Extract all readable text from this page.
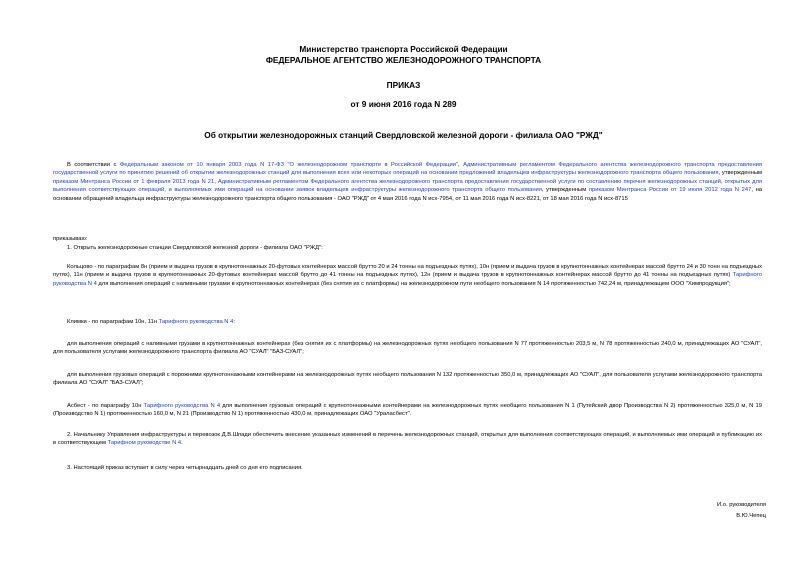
Министерство транспорта Российской Федерации
ФЕДЕРАЛЬНОЕ АГЕНТСТВО ЖЕЛЕЗНОДОРОЖНОГО ТРАНСПОРТА
ПРИКАЗ
от 9 июня 2016 года N 289
Об открытии железнодорожных станций Свердловской железной дороги - филиала ОАО "РЖД"
В соответствии с Федеральным законом от 10 января 2003 года N 17-ФЗ "О железнодорожном транспорте в Российской Федерации", Административным регламентом Федерального агентства железнодорожного транспорта предоставления государственной услуги по принятию решений об открытии железнодорожных станций для выполнения всех или некоторых операций на основании предложений владельцев инфраструктуры железнодорожного транспорта общего пользования, утвержденным приказом Минтранса России от 1 февраля 2013 года N 21, Административным регламентом Федерального агентства железнодорожного транспорта предоставления государственной услуги по составлению перечня железнодорожных станций, открытых для выполнения соответствующих операций, и выполняемых ими операций на основании заявок владельцев инфраструктуры железнодорожного транспорта общего пользования, утвержденным приказом Минтранса России от 19 июля 2012 года N 247, на основании обращений владельца инфраструктуры железнодорожного транспорта общего пользования - ОАО "РЖД" от 4 мая 2016 года N исх-7954, от 11 мая 2016 года N исх-8221, от 18 мая 2016 года N исх-8715
приказываю:
1. Открыть железнодорожные станции Свердловской железной дороги - филиала ОАО "РЖД":
Кольцово - по параграфам 8н (прием и выдача грузов в крупнотоннажных 20-футовых контейнерах массой брутто 20 и 24 тонны на подъездных путях), 10н (прием и выдача грузов в крупнотоннажных контейнерах массой брутто 24 и 30 тонн на подъездных путях), 11н (прием и выдача грузов в крупнотоннажных 20-футовых контейнерах массой брутто до 41 тонны на подъездных путях), 12н (прием и выдача грузов в крупнотоннажных контейнерах массой брутто до 41 тонны на подъездных путях) Тарифного руководства N 4 для выполнения операций с наливными грузами в крупнотоннажных контейнерах (без снятия их с платформы) на железнодорожном пути необщего пользования N 14 протяженностью 742,24 м, принадлежащем ООО "Химпродукция";
Климки - по параграфам 10н, 11н Тарифного руководства N 4:
для выполнения операций с наливными грузами в крупнотоннажных контейнерах (без снятия их с платформы) на железнодорожных путях необщего пользования N 77 протяженностью 203,5 м, N 78 протяженностью 240,0 м, принадлежащих АО "СУАЛ", для пользователя услугами железнодорожного транспорта филиала АО "СУАЛ" "БАЗ-СУАЛ";
для выполнения грузовых операций с порожними крупнотоннажными контейнерами на железнодорожных путях необщего пользования N 132 протяженностью 350,0 м, принадлежащих АО "СУАЛ", для пользователя услугами железнодорожного транспорта филиала АО "СУАЛ" "БАЗ-СУАЛ";
Асбест - по параграфу 10н Тарифного руководства N 4 для выполнения грузовых операций с крупнотоннажными контейнерами на железнодорожных путях необщего пользования N 1 (Путейский двор Производства N 2) протяженностью 325,0 м, N 19 (Производство N 1) протяженностью 160,0 м, N 21 (Производство N 1) протяженностью 430,0 м, принадлежащих ОАО "Ураласбест".
2. Начальнику Управления инфраструктуры и перевозок Д.В.Шпади обеспечить внесение указанных изменений в перечень железнодорожных станций, открытых для выполнения соответствующих операций, и выполняемых ими операций и публикацию их в соответствующем Тарифном руководстве N 4.
3. Настоящий приказ вступает в силу через четырнадцать дней со дня его подписания.
И.о. руководителя
В.Ю.Чепец
